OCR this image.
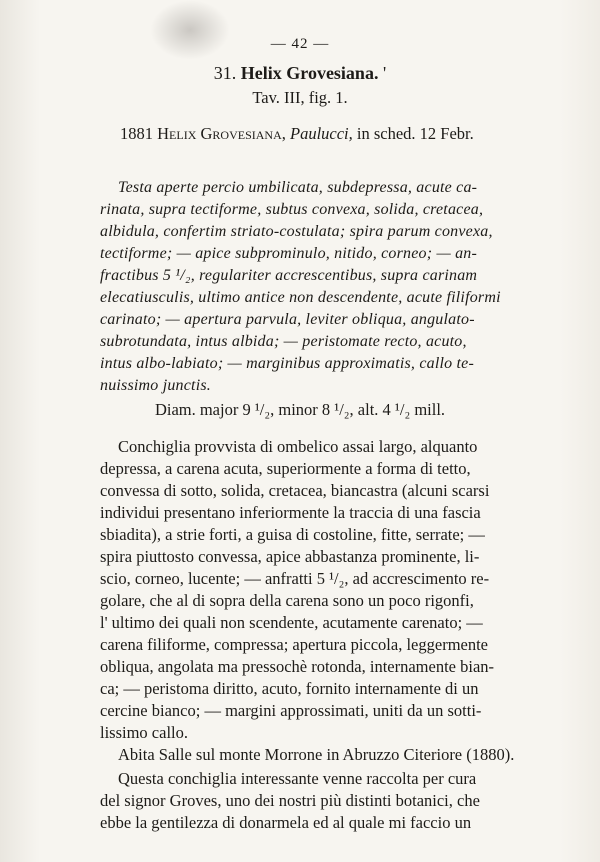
— 42 —
31. Helix Grovesiana. '
Tav. III, fig. 1.
1881 Helix Grovesiana, Paulucci, in sched. 12 Febr.
Testa aperte percio umbilicata, subdepressa, acute ca-
rinata, supra tectiforme, subtus convexa, solida, cretacea,
albidula, confertim striato-costulata; spira parum convexa,
tectiforme; — apice subprominulo, nitido, corneo; — an-
fractibus 5 ¹/₂, regulariter accrescentibus, supra carinam
elecatiusculis, ultimo antice non descendente, acute filiformi
carinato; — apertura parvula, leviter obliqua, angulato-
subrotundata, intus albida; — peristomate recto, acuto,
intus albo-labiato; — marginibus approximatis, callo te-
nuissimo junctis.
Diam. major 9 ¹/₂, minor 8 ¹/₂, alt. 4 ¹/₂ mill.
Conchiglia provvista di ombelico assai largo, alquanto
depressa, a carena acuta, superiormente a forma di tetto,
convessa di sotto, solida, cretacea, biancastra (alcuni scarsi
individui presentano inferiormente la traccia di una fascia
sbiadita), a strie forti, a guisa di costoline, fitte, serrate; —
spira piuttosto convessa, apice abbastanza prominente, li-
scio, corneo, lucente; — anfratti 5 ¹/₂, ad accrescimento re-
golare, che al di sopra della carena sono un poco rigonfi,
l' ultimo dei quali non scendente, acutamente carenato; —
carena filiforme, compressa; apertura piccola, leggermente
obliqua, angolata ma pressochè rotonda, internamente bian-
ca; — peristoma diritto, acuto, fornito internamente di un
cercine bianco; — margini approssimati, uniti da un sotti-
lissimo callo.
Abita Salle sul monte Morrone in Abruzzo Citeriore (1880).
Questa conchiglia interessante venne raccolta per cura
del signor Groves, uno dei nostri più distinti botanici, che
ebbe la gentilezza di donarmela ed al quale mi faccio un
